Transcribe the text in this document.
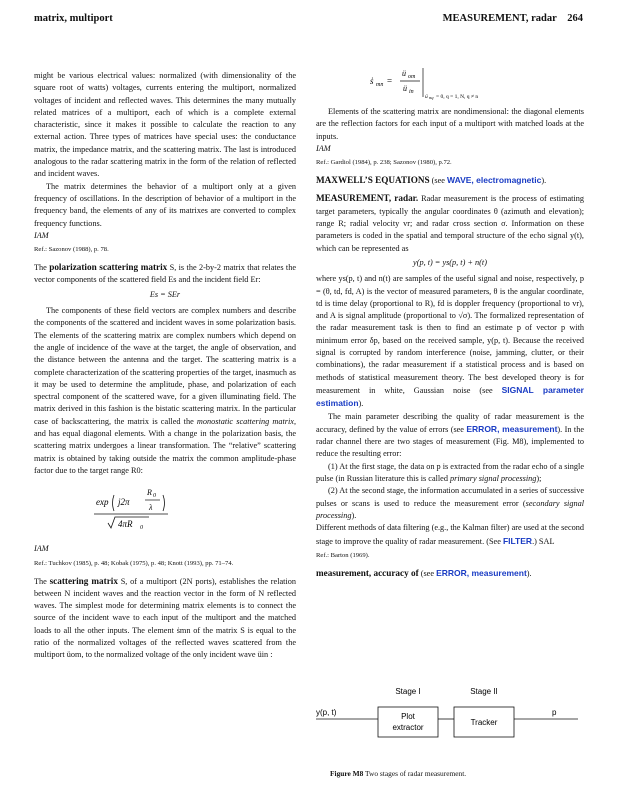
matrix, multiport	MEASUREMENT, radar 264

might be various electrical values: normalized (with dimensionality of the square root of watts) voltages, currents entering the multiport, normalized voltages of incident and reflected waves. This determines the many mutually related matrices of a multiport, each of which is a complete external characteristic, since it makes it possible to calculate the reaction to any external action. Three types of matrices have special uses: the conductance matrix, the impedance matrix, and the scattering matrix. The last is introduced analogous to the radar scattering matrix in the form of the relation of reflected and incident waves.

The matrix determines the behavior of a multiport only at a given frequency of oscillations. In the description of behavior of a multiport in the frequency band, the elements of any of its matrixes are converted to complex frequency functions.

IAM

Ref.: Sazonov (1988), p. 78.

The polarization scattering matrix S, is the 2-by-2 matrix that relates the vector components of the scattered field Es and the incident field Er:

Es = SEr

The components of these field vectors are complex numbers and describe the components of the scattered and incident waves in some polarization basis. The elements of the scattering matrix are complex numbers which depend on the angle of incidence of the wave at the target, the angle of observation, and the distance between the antenna and the target. The scattering matrix is a complete characterization of the scattering properties of the target, inasmuch as it may be used to determine the amplitude, phase, and polarization of each spectral component of the scattered wave, for a given illuminating field. The matrix derived in this fashion is the bistatic scattering matrix. In the particular case of backscattering, the matrix is called the monostatic scattering matrix, and has equal diagonal elements. With a change in the polarization basis, the scattering matrix undergoes a linear transformation. The “relative” scattering matrix is obtained by taking outside the matrix the common amplitude-phase factor due to the target range R0:

exp j2π
R 0
λ
4πR 0

IAM

Ref.: Tuchkov (1985), p. 48; Kobak (1975), p. 48; Knott (1993), pp. 71–74.

The scattering matrix S, of a multiport (2N ports), establishes the relation between N incident waves and the reaction vector in the form of N reflected waves. The simplest mode for determining matrix elements is to connect the source of the incident wave to each input of the multiport and the matched loads to all the other inputs. The element ṡmn of the matrix S is equal to the ratio of the normalized voltages of the reflected waves scattered from the multiport üom, to the normalized voltage of the only incident wave üin :

ṡ mn =
ü om
ü in
ü nq = 0, q = 1, N, q ≠ n

Elements of the scattering matrix are nondimensional: the diagonal elements are the reflection factors for each input of a multiport with matched loads at the inputs.

IAM

Ref.: Gardiol (1984), p. 238; Sazonov (1980), p.72.

MAXWELL’S EQUATIONS (see WAVE, electromagnetic).

MEASUREMENT, radar. Radar measurement is the process of estimating target parameters, typically the angular coordinates θ (azimuth and elevation); range R; radial velocity vr; and radar cross section σ. Information on these parameters is coded in the spatial and temporal structure of the echo signal y(t), which can be represented as

y(p, t) = ys(p, t) + n(t)

where ys(p, t) and n(t) are samples of the useful signal and noise, respectively, p = (θ, td, fd, A) is the vector of measured parameters, θ is the angular coordinate, td is time delay (proportional to R), fd is doppler frequency (proportional to vr), and A is signal amplitude (proportional to √σ). The formalized representation of the radar measurement task is then to find an estimate p of vector p with minimum error δp, based on the received sample, y(p, t). Because the received signal is corrupted by random interference (noise, jamming, clutter, or their combinations), the radar measurement if a statistical process and is based on methods of statistical measurement theory. The best developed theory is for measurement in white, Gaussian noise (see SIGNAL parameter estimation).

The main parameter describing the quality of radar measurement is the accuracy, defined by the value of errors (see ERROR, measurement). In the radar channel there are two stages of measurement (Fig. M8), implemented to reduce the resulting error:

(1) At the first stage, the data on p is extracted from the radar echo of a single pulse (in Russian literature this is called primary signal processing);

(2) At the second stage, the information accumulated in a series of successive pulses or scans is used to reduce the measurement error (secondary signal processing).

Different methods of data filtering (e.g., the Kalman filter) are used at the second stage to improve the quality of radar measurement. (See FILTER.) SAL

Ref.: Barton (1969).

measurement, accuracy of (see ERROR, measurement).

Stage I	Stage II
y(p, t)	Plot
extractor
Tracker
p
Figure M8 Two stages of radar measurement.
